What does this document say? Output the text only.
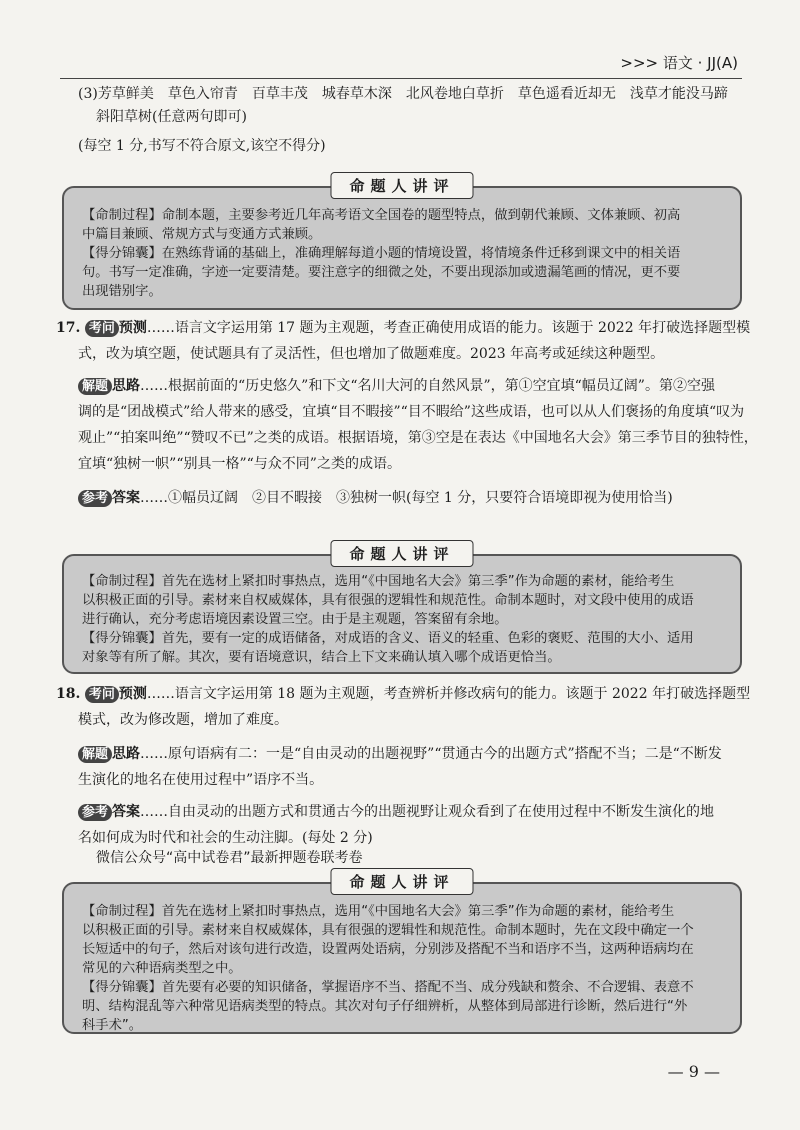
>>> 语文 · JJ(A)
(3)芳草鲜美　草色入帘青　百草丰茂　城春草木深　北风卷地白草折　草色遥看近却无　浅草才能没马蹄
斜阳草树(任意两句即可)
(每空 1 分,书写不符合原文,该空不得分)
命题人讲评
【命制过程】命制本题，主要参考近几年高考语文全国卷的题型特点，做到朝代兼顾、文体兼顾、初高
中篇目兼顾、常规方式与变通方式兼顾。
【得分锦囊】在熟练背诵的基础上，准确理解每道小题的情境设置，将情境条件迁移到课文中的相关语
句。书写一定准确，字迹一定要清楚。要注意字的细微之处，不要出现添加或遗漏笔画的情况，更不要
出现错别字。
17. 考问 预测……语言文字运用第 17 题为主观题，考查正确使用成语的能力。该题于 2022 年打破选择题型模
式，改为填空题，使试题具有了灵活性，但也增加了做题难度。2023 年高考或延续这种题型。
解题 思路……根据前面的“历史悠久”和下文“名川大河的自然风景”，第①空宜填“幅员辽阔”。第②空强
调的是“团战模式”给人带来的感受，宜填“目不暇接”“目不暇给”这些成语，也可以从人们褒扬的角度填“叹为
观止”“拍案叫绝”“赞叹不已”之类的成语。根据语境，第③空是在表达《中国地名大会》第三季节目的独特性，
宜填“独树一帜”“别具一格”“与众不同”之类的成语。
参考 答案……①幅员辽阔　②目不暇接　③独树一帜(每空 1 分，只要符合语境即视为使用恰当)
命题人讲评
【命制过程】首先在选材上紧扣时事热点，选用“《中国地名大会》第三季”作为命题的素材，能给考生
以积极正面的引导。素材来自权威媒体，具有很强的逻辑性和规范性。命制本题时，对文段中使用的成语
进行确认，充分考虑语境因素设置三空。由于是主观题，答案留有余地。
【得分锦囊】首先，要有一定的成语储备，对成语的含义、语义的轻重、色彩的褒贬、范围的大小、适用
对象等有所了解。其次，要有语境意识，结合上下文来确认填入哪个成语更恰当。
18. 考问 预测……语言文字运用第 18 题为主观题，考查辨析并修改病句的能力。该题于 2022 年打破选择题型
模式，改为修改题，增加了难度。
解题 思路……原句语病有二：一是“自由灵动的出题视野”“贯通古今的出题方式”搭配不当；二是“不断发
生演化的地名在使用过程中”语序不当。
参考 答案……自由灵动的出题方式和贯通古今的出题视野让观众看到了在使用过程中不断发生演化的地
名如何成为时代和社会的生动注脚。(每处 2 分)
微信公众号“高中试卷君”最新押题卷联考卷
命题人讲评
【命制过程】首先在选材上紧扣时事热点，选用“《中国地名大会》第三季”作为命题的素材，能给考生
以积极正面的引导。素材来自权威媒体，具有很强的逻辑性和规范性。命制本题时，先在文段中确定一个
长短适中的句子，然后对该句进行改造，设置两处语病，分别涉及搭配不当和语序不当，这两种语病均在
常见的六种语病类型之中。
【得分锦囊】首先要有必要的知识储备，掌握语序不当、搭配不当、成分残缺和赘余、不合逻辑、表意不
明、结构混乱等六种常见语病类型的特点。其次对句子仔细辨析，从整体到局部进行诊断，然后进行“外
科手术”。
— 9 —
